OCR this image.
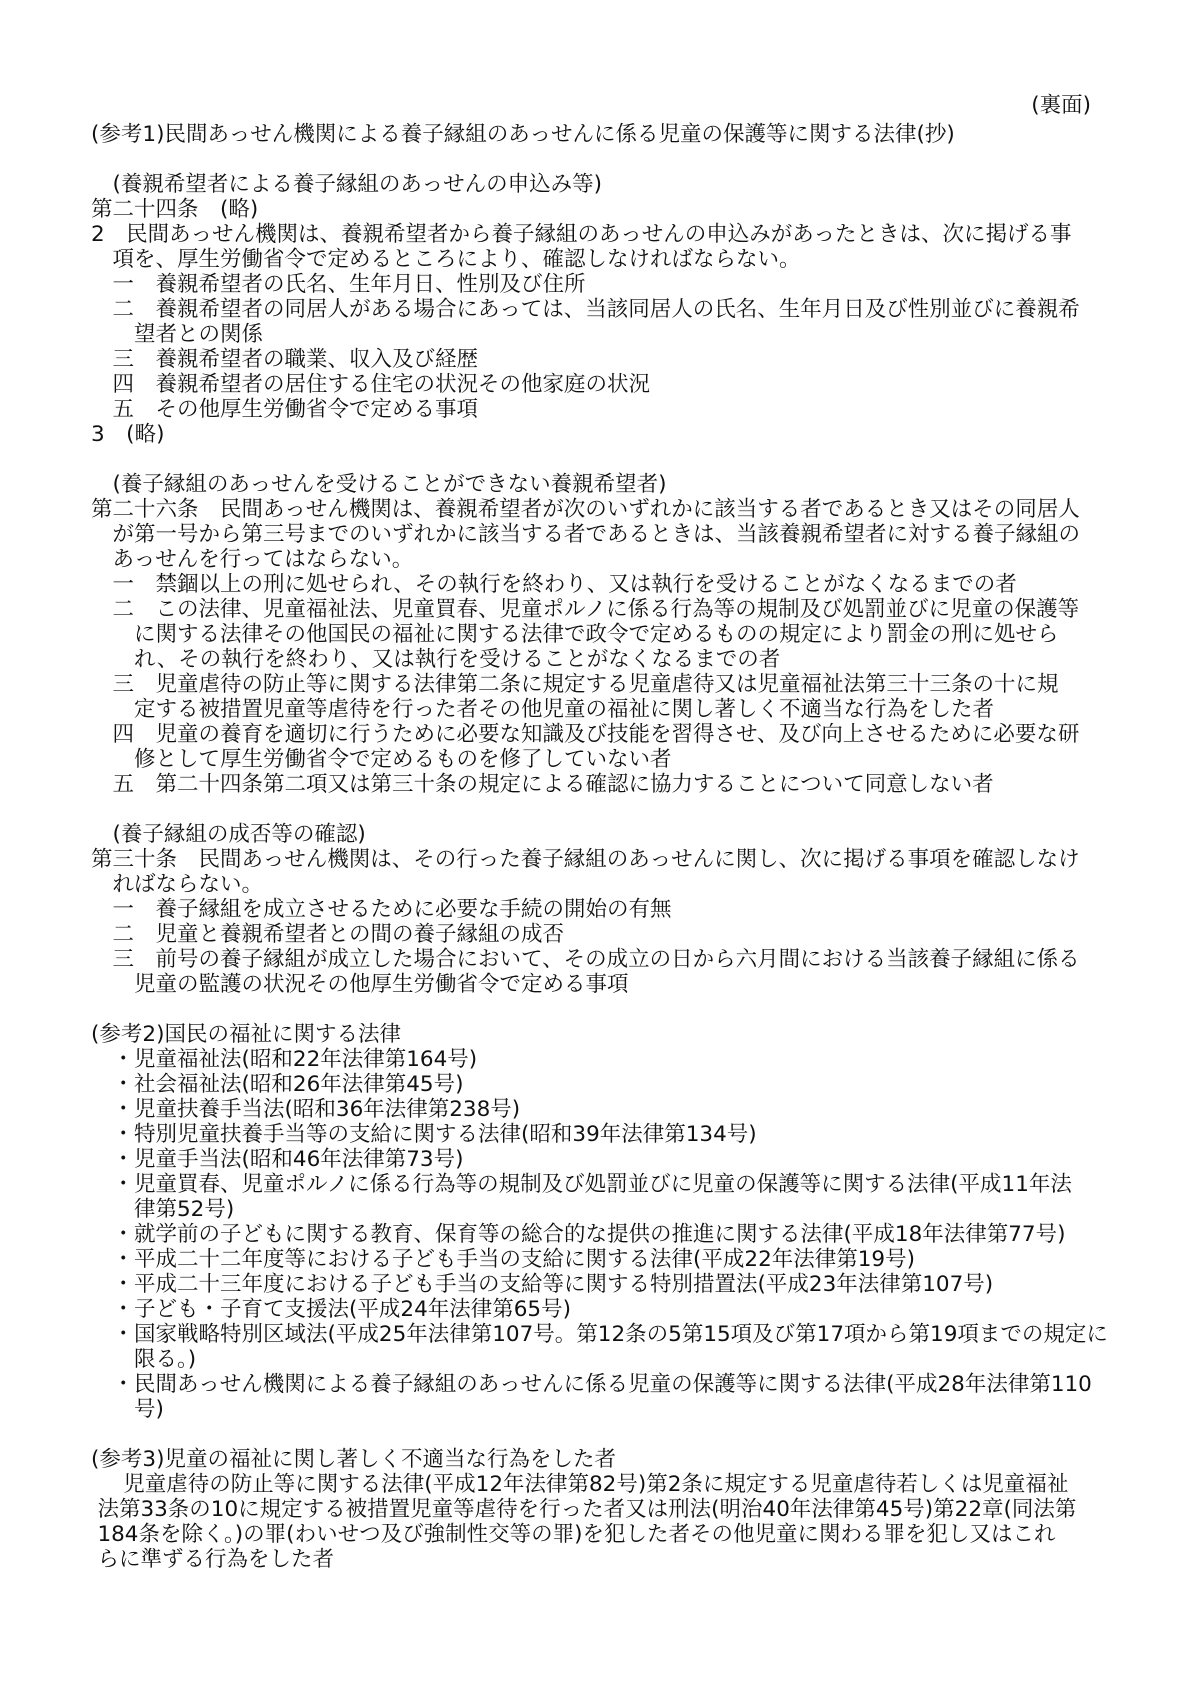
(裏面)
(参考1)民間あっせん機関による養子縁組のあっせんに係る児童の保護等に関する法律(抄)
(養親希望者による養子縁組のあっせんの申込み等)
第二十四条　(略)
2　民間あっせん機関は、養親希望者から養子縁組のあっせんの申込みがあったときは、次に掲げる事
項を、厚生労働省令で定めるところにより、確認しなければならない。
一　養親希望者の氏名、生年月日、性別及び住所
二　養親希望者の同居人がある場合にあっては、当該同居人の氏名、生年月日及び性別並びに養親希
望者との関係
三　養親希望者の職業、収入及び経歴
四　養親希望者の居住する住宅の状況その他家庭の状況
五　その他厚生労働省令で定める事項
3　(略)
(養子縁組のあっせんを受けることができない養親希望者)
第二十六条　民間あっせん機関は、養親希望者が次のいずれかに該当する者であるとき又はその同居人
が第一号から第三号までのいずれかに該当する者であるときは、当該養親希望者に対する養子縁組の
あっせんを行ってはならない。
一　禁錮以上の刑に処せられ、その執行を終わり、又は執行を受けることがなくなるまでの者
二　この法律、児童福祉法、児童買春、児童ポルノに係る行為等の規制及び処罰並びに児童の保護等
に関する法律その他国民の福祉に関する法律で政令で定めるものの規定により罰金の刑に処せら
れ、その執行を終わり、又は執行を受けることがなくなるまでの者
三　児童虐待の防止等に関する法律第二条に規定する児童虐待又は児童福祉法第三十三条の十に規
定する被措置児童等虐待を行った者その他児童の福祉に関し著しく不適当な行為をした者
四　児童の養育を適切に行うために必要な知識及び技能を習得させ、及び向上させるために必要な研
修として厚生労働省令で定めるものを修了していない者
五　第二十四条第二項又は第三十条の規定による確認に協力することについて同意しない者
(養子縁組の成否等の確認)
第三十条　民間あっせん機関は、その行った養子縁組のあっせんに関し、次に掲げる事項を確認しなけ
ればならない。
一　養子縁組を成立させるために必要な手続の開始の有無
二　児童と養親希望者との間の養子縁組の成否
三　前号の養子縁組が成立した場合において、その成立の日から六月間における当該養子縁組に係る
児童の監護の状況その他厚生労働省令で定める事項
(参考2)国民の福祉に関する法律
・児童福祉法(昭和22年法律第164号)
・社会福祉法(昭和26年法律第45号)
・児童扶養手当法(昭和36年法律第238号)
・特別児童扶養手当等の支給に関する法律(昭和39年法律第134号)
・児童手当法(昭和46年法律第73号)
・児童買春、児童ポルノに係る行為等の規制及び処罰並びに児童の保護等に関する法律(平成11年法
律第52号)
・就学前の子どもに関する教育、保育等の総合的な提供の推進に関する法律(平成18年法律第77号)
・平成二十二年度等における子ども手当の支給に関する法律(平成22年法律第19号)
・平成二十三年度における子ども手当の支給等に関する特別措置法(平成23年法律第107号)
・子ども・子育て支援法(平成24年法律第65号)
・国家戦略特別区域法(平成25年法律第107号。第12条の5第15項及び第17項から第19項までの規定に
限る。)
・民間あっせん機関による養子縁組のあっせんに係る児童の保護等に関する法律(平成28年法律第110
号)
(参考3)児童の福祉に関し著しく不適当な行為をした者
児童虐待の防止等に関する法律(平成12年法律第82号)第2条に規定する児童虐待若しくは児童福祉
法第33条の10に規定する被措置児童等虐待を行った者又は刑法(明治40年法律第45号)第22章(同法第
184条を除く。)の罪(わいせつ及び強制性交等の罪)を犯した者その他児童に関わる罪を犯し又はこれ
らに準ずる行為をした者
